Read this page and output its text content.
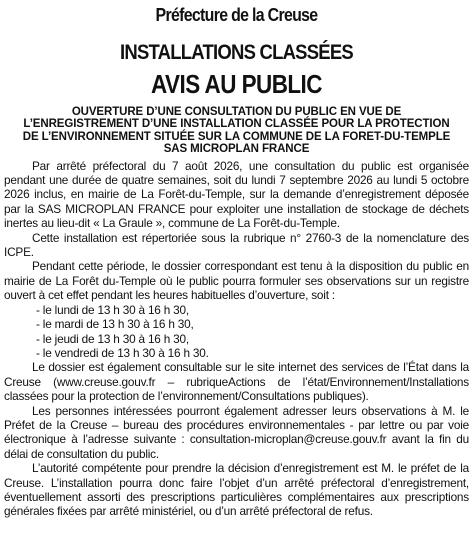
Préfecture de la Creuse
INSTALLATIONS CLASSÉES
AVIS AU PUBLIC
OUVERTURE D’UNE CONSULTATION DU PUBLIC EN VUE DE
L’ENREGISTREMENT D’UNE INSTALLATION CLASSÉE POUR LA PROTECTION
DE L’ENVIRONNEMENT SITUÉE SUR LA COMMUNE DE LA FORET-DU-TEMPLE
SAS MICROPLAN FRANCE

Par arrêté préfectoral du 7 août 2026, une consultation du public est organisée pendant une durée de quatre semaines, soit du lundi 7 septembre 2026 au lundi 5 octobre 2026 inclus, en mairie de La Forêt-du-Temple, sur la demande d’enregistrement déposée par la SAS MICROPLAN FRANCE pour exploiter une installation de stockage de déchets inertes au lieu-dit « La Graule », commune de La Forêt-du-Temple.

Cette installation est répertoriée sous la rubrique n° 2760-3 de la nomenclature des ICPE.

Pendant cette période, le dossier correspondant est tenu à la disposition du public en mairie de La Forêt du-Temple où le public pourra formuler ses observations sur un registre ouvert à cet effet pendant les heures habituelles d’ouverture, soit :

- le lundi de 13 h 30 à 16 h 30,
- le mardi de 13 h 30 à 16 h 30,
- le jeudi de 13 h 30 à 16 h 30,
- le vendredi de 13 h 30 à 16 h 30.

Le dossier est également consultable sur le site internet des services de l’État dans la Creuse (www.creuse.gouv.fr – rubriqueActions de l’état/Environnement/Installations classées pour la protection de l’environnement/Consultations publiques).

Les personnes intéressées pourront également adresser leurs observations à M. le Préfet de la Creuse – bureau des procédures environnementales - par lettre ou par voie électronique à l’adresse suivante : consultation-microplan@creuse.gouv.fr avant la fin du délai de consultation du public.

L’autorité compétente pour prendre la décision d’enregistrement est M. le préfet de la Creuse. L’installation pourra donc faire l’objet d’un arrêté préfectoral d’enregistrement, éventuellement assorti des prescriptions particulières complémentaires aux prescriptions générales fixées par arrêté ministériel, ou d’un arrêté préfectoral de refus.
